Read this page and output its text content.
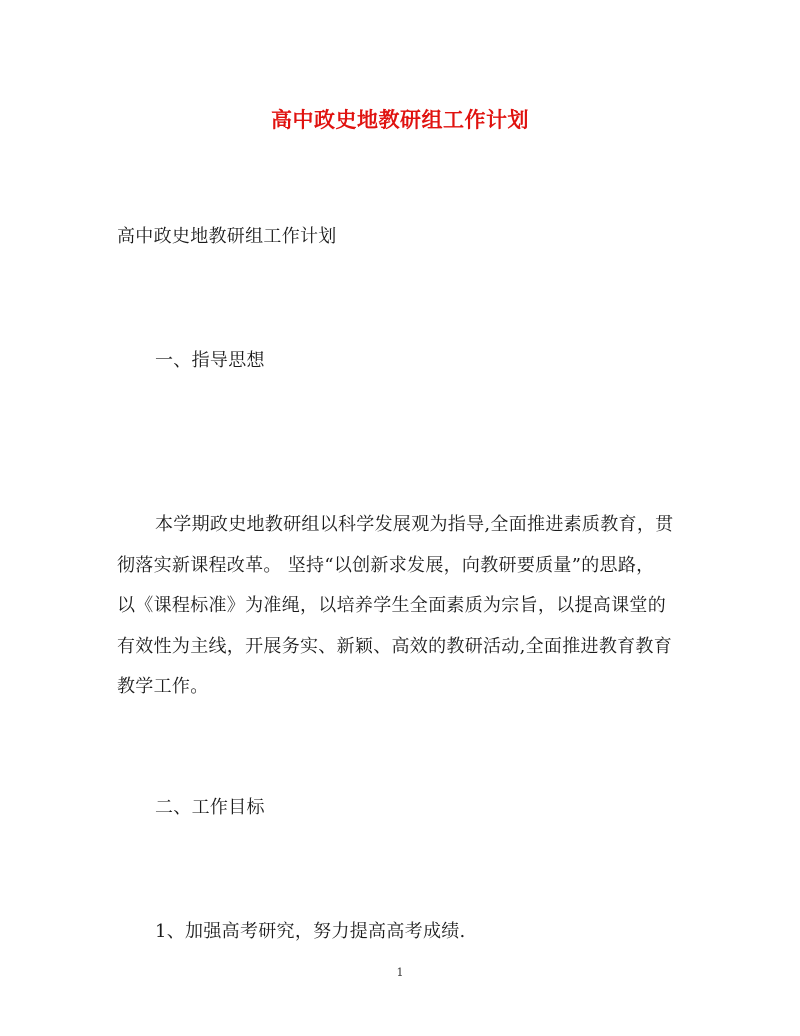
高中政史地教研组工作计划
高中政史地教研组工作计划
一、指导思想
本学期政史地教研组以科学发展观为指导,全面推进素质教育，贯
彻落实新课程改革。 坚持“以创新求发展，向教研要质量”的思路，
以《课程标准》为准绳，以培养学生全面素质为宗旨，以提高课堂的
有效性为主线，开展务实、新颖、高效的教研活动,全面推进教育教育
教学工作。
二、工作目标
1、加强高考研究，努力提高高考成绩.
1
